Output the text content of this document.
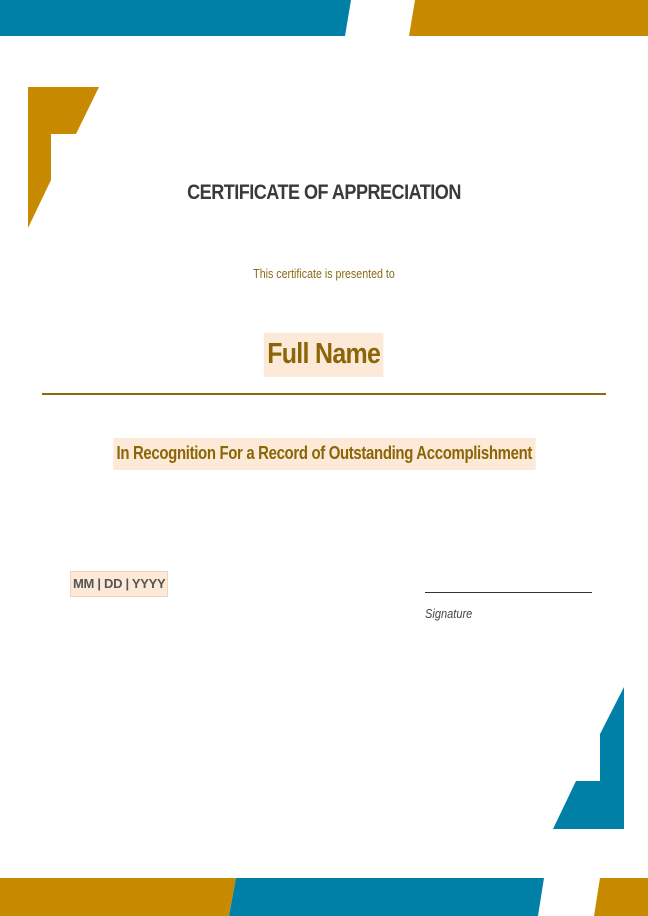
CERTIFICATE OF APPRECIATION
This certificate is presented to
Full Name
In Recognition For a Record of Outstanding Accomplishment
MM | DD | YYYY
Signature
